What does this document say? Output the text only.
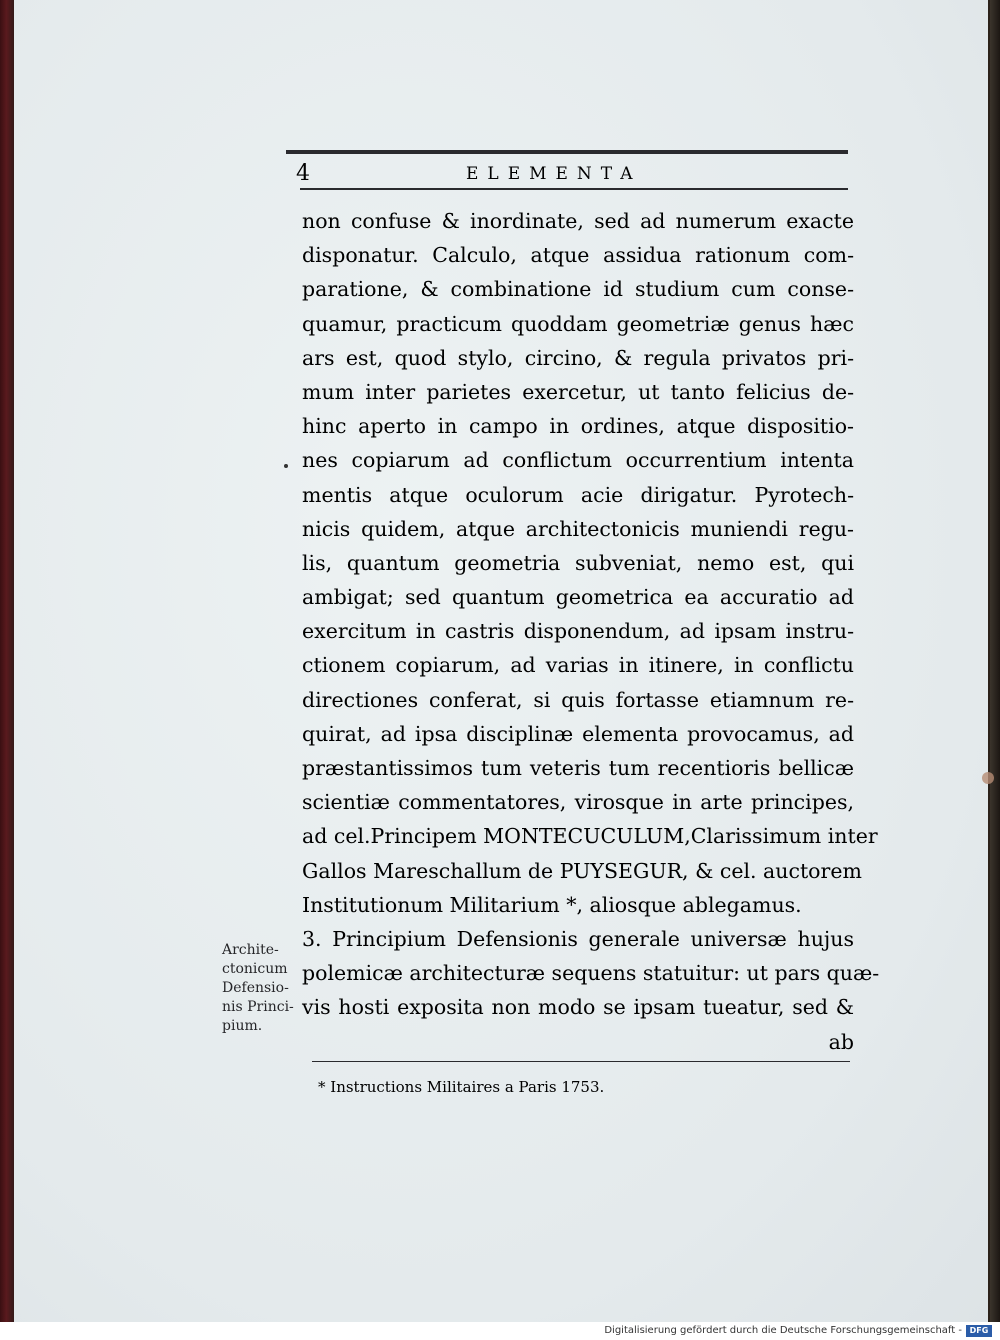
4	ELEMENTA
non confuse & inordinate, sed ad numerum exacte
disponatur. Calculo, atque assidua rationum com-
paratione, & combinatione id studium cum conse-
quamur, practicum quoddam geometriæ genus hæc
ars est, quod stylo, circino, & regula privatos pri-
mum inter parietes exercetur, ut tanto felicius de-
hinc aperto in campo in ordines, atque dispositio-
nes copiarum ad conflictum occurrentium intenta
mentis atque oculorum acie dirigatur. Pyrotech-
nicis quidem, atque architectonicis muniendi regu-
lis, quantum geometria subveniat, nemo est, qui
ambigat; sed quantum geometrica ea accuratio ad
exercitum in castris disponendum, ad ipsam instru-
ctionem copiarum, ad varias in itinere, in conflictu
directiones conferat, si quis fortasse etiamnum re-
quirat, ad ipsa disciplinæ elementa provocamus, ad
præstantissimos tum veteris tum recentioris bellicæ
scientiæ commentatores, virosque in arte principes,
ad cel.Principem MONTECUCULUM,Clarissimum inter
Gallos Mareschallum de PUYSEGUR, & cel. auctorem
Institutionum Militarium *, aliosque ablegamus.
3. Principium Defensionis generale universæ hujus
polemicæ architecturæ sequens statuitur: ut pars quæ-
vis hosti exposita non modo se ipsam tueatur, sed &
ab
Archite-
ctonicum
Defensio-
nis Princi-
pium.
* Instructions Militaires a Paris 1753.
Digitalisierung gefördert durch die Deutsche Forschungsgemeinschaft - DFG
